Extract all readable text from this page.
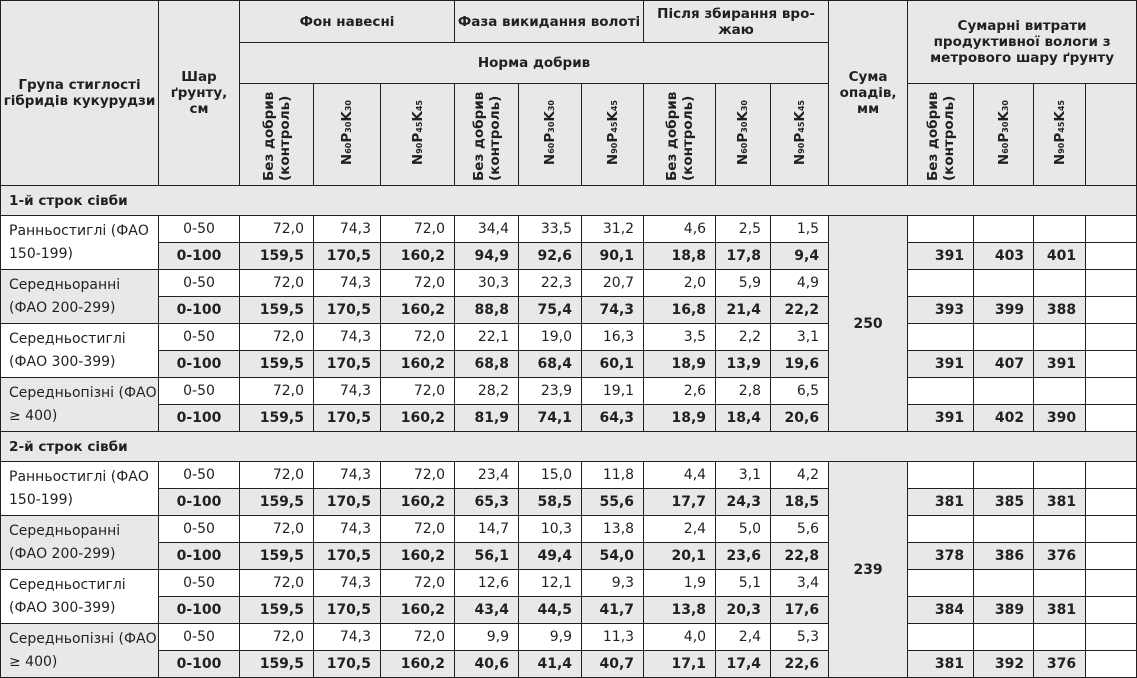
Група стиглості гібридів кукурудзи	Шар ґрунту, см	Фон навесні			Фаза викидання волоті			Після збирання вро-жаю			Сума опадів, мм	Сумарні витрати продуктивної вологи з метрового шару ґрунту			
		Норма добрив													
		Без добрив (контроль)	$N_{60}P_{30}K_{30}$	$N_{90}P_{45}K_{45}$	Без добрив (контроль)	$N_{60}P_{30}K_{30}$	$N_{90}P_{45}K_{45}$	Без добрив (контроль)	$N_{60}P_{30}K_{30}$	$N_{90}P_{45}K_{45}$		Без добрив (контроль)	$N_{60}P_{30}K_{30}$	$N_{90}P_{45}K_{45}$	
1-й строк сівби															
Ранньостиглі (ФАО 150-199)	0-50	72,0	74,3	72,0	34,4	33,5	31,2	4,6	2,5	1,5	250				
	0-100	159,5	170,5	160,2	94,9	92,6	90,1	18,8	17,8	9,4		391	403	401	
Середньоранні (ФАО 200-299)	0-50	72,0	74,3	72,0	30,3	22,3	20,7	2,0	5,9	4,9					
	0-100	159,5	170,5	160,2	88,8	75,4	74,3	16,8	21,4	22,2		393	399	388	
Середньостиглі (ФАО 300-399)	0-50	72,0	74,3	72,0	22,1	19,0	16,3	3,5	2,2	3,1					
	0-100	159,5	170,5	160,2	68,8	68,4	60,1	18,9	13,9	19,6		391	407	391	
Середньопізні (ФАО ≥ 400)	0-50	72,0	74,3	72,0	28,2	23,9	19,1	2,6	2,8	6,5					
	0-100	159,5	170,5	160,2	81,9	74,1	64,3	18,9	18,4	20,6		391	402	390	
2-й строк сівби															
Ранньостиглі (ФАО 150-199)	0-50	72,0	74,3	72,0	23,4	15,0	11,8	4,4	3,1	4,2	239				
	0-100	159,5	170,5	160,2	65,3	58,5	55,6	17,7	24,3	18,5		381	385	381	
Середньоранні (ФАО 200-299)	0-50	72,0	74,3	72,0	14,7	10,3	13,8	2,4	5,0	5,6					
	0-100	159,5	170,5	160,2	56,1	49,4	54,0	20,1	23,6	22,8		378	386	376	
Середньостиглі (ФАО 300-399)	0-50	72,0	74,3	72,0	12,6	12,1	9,3	1,9	5,1	3,4					
	0-100	159,5	170,5	160,2	43,4	44,5	41,7	13,8	20,3	17,6		384	389	381	
Середньопізні (ФАО ≥ 400)	0-50	72,0	74,3	72,0	9,9	9,9	11,3	4,0	2,4	5,3					
	0-100	159,5	170,5	160,2	40,6	41,4	40,7	17,1	17,4	22,6		381	392	376	
